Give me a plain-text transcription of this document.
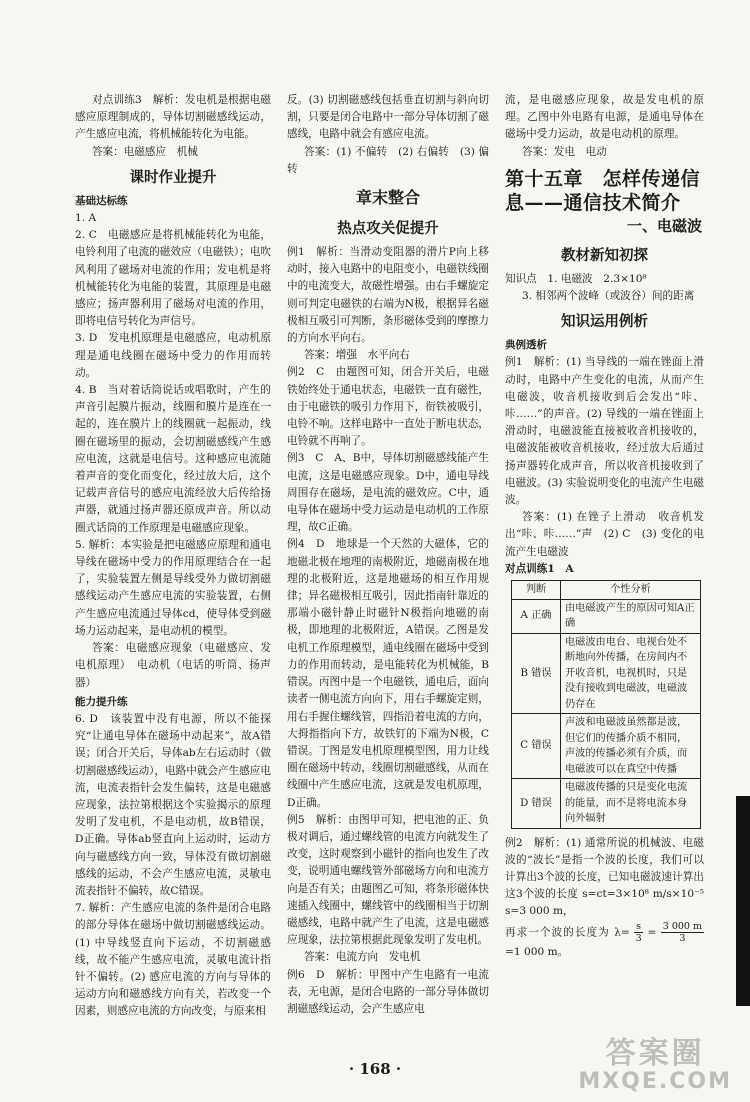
对点训练3　解析：发电机是根据电磁感应原理制成的，导体切割磁感线运动，产生感应电流，将机械能转化为电能。

答案：电磁感应　机械

课时作业提升
基础达标练

1. A

2. C　电磁感应是将机械能转化为电能，电铃利用了电流的磁效应（电磁铁）；电吹风利用了磁场对电流的作用；发电机是将机械能转化为电能的装置，其原理是电磁感应；扬声器利用了磁场对电流的作用，即将电信号转化为声信号。

3. D　发电机原理是电磁感应，电动机原理是通电线圈在磁场中受力的作用而转动。

4. B　当对着话筒说话或唱歌时，产生的声音引起膜片振动，线圈和膜片是连在一起的，连在膜片上的线圈就一起振动，线圈在磁场里的振动，会切割磁感线产生感应电流，这就是电信号。这种感应电流随着声音的变化而变化，经过放大后，这个记载声音信号的感应电流经放大后传给扬声器，就通过扬声器还原成声音。所以动圈式话筒的工作原理是电磁感应现象。

5. 解析：本实验是把电磁感应原理和通电导线在磁场中受力的作用原理结合在一起了，实验装置左侧是导线受外力做切割磁感线运动产生感应电流的实验装置，右侧产生感应电流通过导体cd，使导体受到磁场力运动起来，是电动机的模型。

答案：电磁感应现象（电磁感应、发电机原理）　电动机（电话的听筒、扬声器）

能力提升练

6. D　该装置中没有电源，所以不能探究“让通电导体在磁场中动起来”，故A错误；闭合开关后，导体ab左右运动时（做切割磁感线运动），电路中就会产生感应电流，电流表指针会发生偏转，这是电磁感应现象，法拉第根据这个实验揭示的原理发明了发电机，不是电动机，故B错误，D正确。导体ab竖直向上运动时，运动方向与磁感线方向一致，导体没有做切割磁感线的运动，不会产生感应电流，灵敏电流表指针不偏转，故C错误。

7. 解析：产生感应电流的条件是闭合电路的部分导体在磁场中做切割磁感线运动。(1) 中导线竖直向下运动，不切割磁感线，故不能产生感应电流，灵敏电流计指针不偏转。(2) 感应电流的方向与导体的运动方向和磁感线方向有关，若改变一个因素，则感应电流的方向改变，与原来相

反。(3) 切割磁感线包括垂直切割与斜向切割，只要是闭合电路中一部分导体切割了磁感线，电路中就会有感应电流。

答案：(1) 不偏转　(2) 右偏转　(3) 偏转

章末整合
热点攻关促提升

例1　解析：当滑动变阻器的滑片P向上移动时，接入电路中的电阻变小，电磁铁线圈中的电流变大，故磁性增强。由右手螺旋定则可判定电磁铁的右端为N极，根据异名磁极相互吸引可判断，条形磁体受到的摩擦力的方向水平向右。

答案：增强　水平向右

例2　C　由题图可知，闭合开关后，电磁铁始终处于通电状态，电磁铁一直有磁性，由于电磁铁的吸引力作用下，衔铁被吸引，电铃不响。这样电路中一直处于断电状态，电铃就不再响了。

例3　C　A、B中，导体切割磁感线能产生电流，这是电磁感应现象。D中，通电导线周围存在磁场，是电流的磁效应。C中，通电导体在磁场中受力运动是电动机的工作原理，故C正确。

例4　D　地球是一个天然的大磁体，它的地磁北极在地理的南极附近，地磁南极在地理的北极附近，这是地磁场的相互作用规律；异名磁极相互吸引，因此指南针靠近的那端小磁针静止时磁针N极指向地磁的南极，即地理的北极附近，A错误。乙图是发电机工作原理模型，通电线圈在磁场中受到力的作用而转动，是电能转化为机械能，B错误。丙图中是一个电磁铁，通电后，面向读者一侧电流方向向下，用右手螺旋定则，用右手握住螺线管，四指沿着电流的方向，大拇指指向下方，故铁钉的下端为N极，C错误。丁图是发电机原理模型图，用力让线圈在磁场中转动，线圈切割磁感线，从而在线圈中产生感应电流，这就是发电机原理，D正确。

例5　解析：由图甲可知，把电池的正、负极对调后，通过螺线管的电流方向就发生了改变，这时观察到小磁针的指向也发生了改变，说明通电螺线管外部磁场方向和电流方向是否有关；由题图乙可知，将条形磁体快速插入线圈中，螺线管中的线圈相当于切割磁感线，电路中就产生了电流，这是电磁感应现象，法拉第根据此现象发明了发电机。

答案：电流方向　发电机

例6　D　解析：甲图中产生电路有一电流表，无电源，是闭合电路的一部分导体做切割磁感线运动，会产生感应电

流，是电磁感应现象，故是发电机的原理。乙图中外电路有电源，是通电导体在磁场中受力运动，故是电动机的原理。

答案：发电　电动

第十五章　怎样传递信息——通信技术简介
一、电磁波
教材新知初探

知识点　1. 电磁波　2.3×10⁸

3. 相邻两个波峰（或波谷）间的距离

知识运用例析
典例透析

例1　解析：(1) 当导线的一端在锉面上滑动时，电路中产生变化的电流，从而产生电磁波，收音机接收到后会发出“咔、咔……”的声音。(2) 导线的一端在锉面上滑动时，电磁波能直接被收音机接收的，电磁波能被收音机接收，经过放大后通过扬声器转化成声音，所以收音机接收到了电磁波。(3) 实验说明变化的电流产生电磁波。

答案：(1) 在锉子上滑动　收音机发出“咔、咔……”声　(2) C　(3) 变化的电流产生电磁波

对点训练1　A
判断	个性分析
A 正确	由电磁波产生的原因可知A正确
B 错误	电磁波由电台、电视台处不断地向外传播，在房间内不开收音机，电视机时，只是没有接收到电磁波，电磁波仍存在
C 错误	声波和电磁波虽然都是波，但它们的传播介质不相同，声波的传播必须有介质，而电磁波可以在真空中传播
D 错误	电磁波传播的只是变化电流的能量，而不是将电流本身向外辐射

例2　解析：(1) 通常所说的机械波、电磁波的“波长”是指一个波的长度，我们可以计算出3个波的长度，已知电磁波速计算出这3个波的长度 s=ct=3×10⁸ m/s×10⁻⁵ s=3 000 m，

再求一个波的长度为 $\lambda= \frac{s}{3} = \frac{3 000 m}{3}$
=1 000 m。

· 168 ·	答案圈
MXQE.COM
